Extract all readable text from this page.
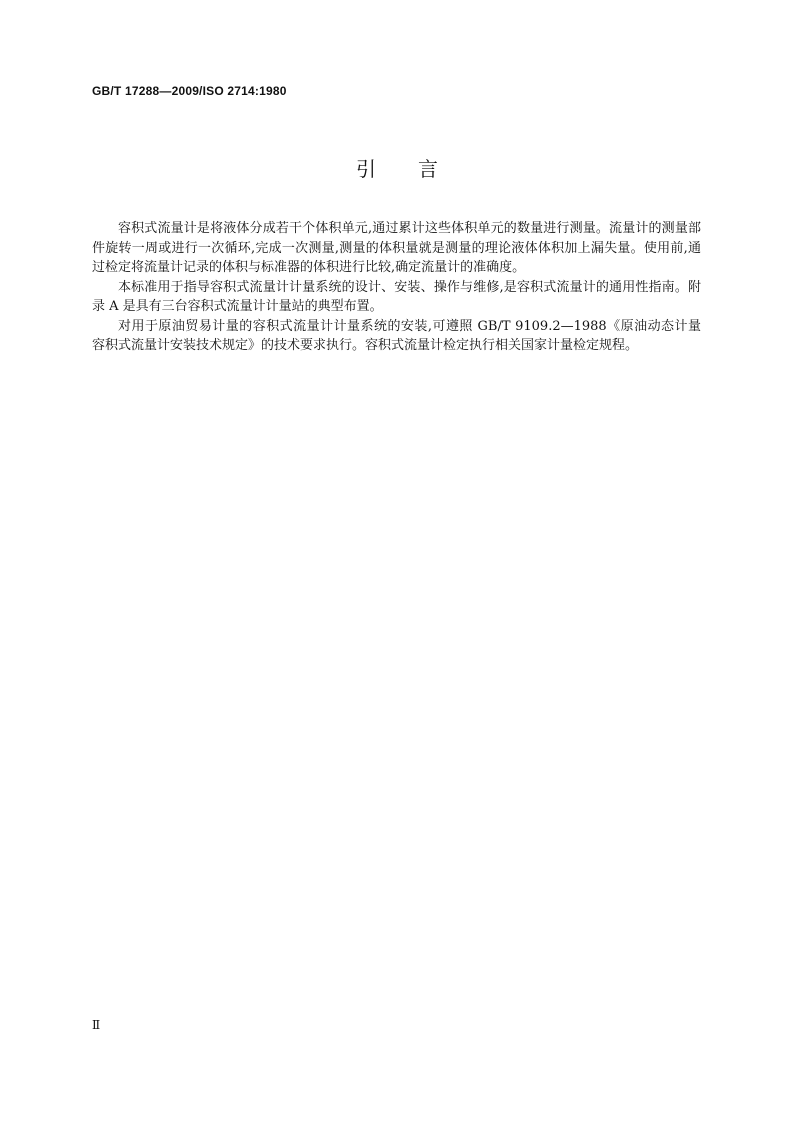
GB/T 17288—2009/ISO 2714:1980
引言

容积式流量计是将液体分成若干个体积单元,通过累计这些体积单元的数量进行测量。流量计的测量部件旋转一周或进行一次循环,完成一次测量,测量的体积量就是测量的理论液体体积加上漏失量。使用前,通过检定将流量计记录的体积与标准器的体积进行比较,确定流量计的准确度。

本标准用于指导容积式流量计计量系统的设计、安装、操作与维修,是容积式流量计的通用性指南。附录 A 是具有三台容积式流量计计量站的典型布置。

对用于原油贸易计量的容积式流量计计量系统的安装,可遵照 GB/T 9109.2—1988《原油动态计量 容积式流量计安装技术规定》的技术要求执行。容积式流量计检定执行相关国家计量检定规程。

Ⅱ
